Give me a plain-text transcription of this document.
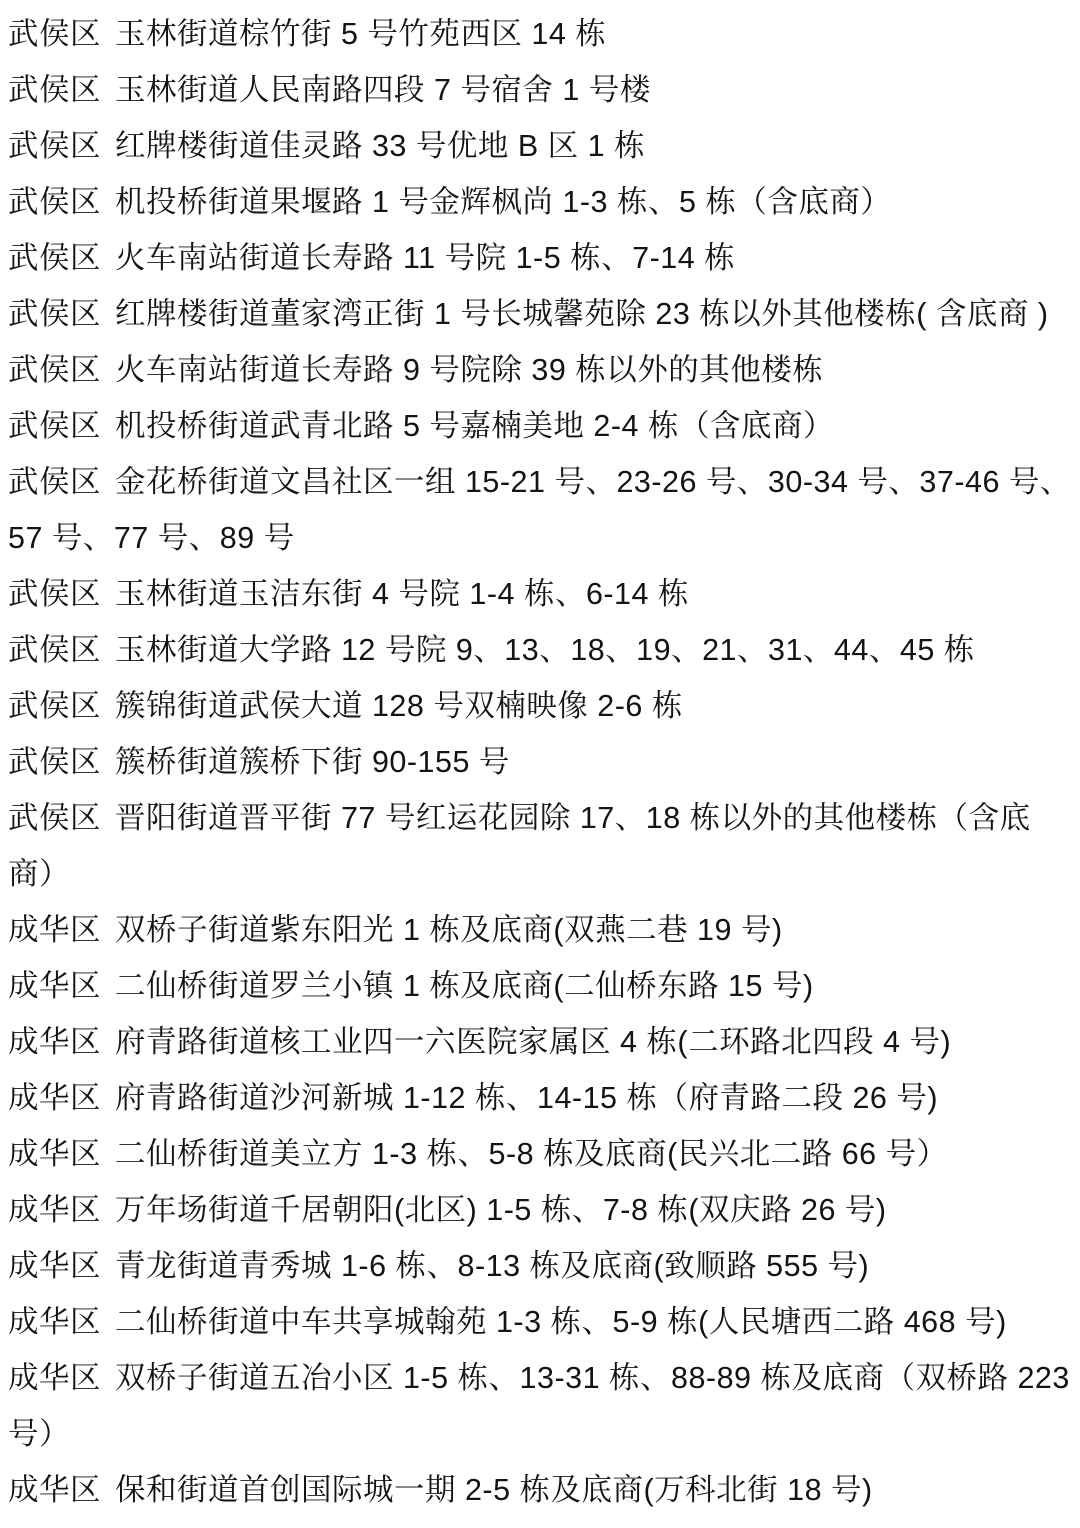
武侯区 玉林街道棕竹街 5 号竹苑西区 14 栋
武侯区 玉林街道人民南路四段 7 号宿舍 1 号楼
武侯区 红牌楼街道佳灵路 33 号优地 B 区 1 栋
武侯区 机投桥街道果堰路 1 号金辉枫尚 1-3 栋、5 栋（含底商）
武侯区 火车南站街道长寿路 11 号院 1-5 栋、7-14 栋
武侯区 红牌楼街道董家湾正街 1 号长城馨苑除 23 栋以外其他楼栋( 含底商 )
武侯区 火车南站街道长寿路 9 号院除 39 栋以外的其他楼栋
武侯区 机投桥街道武青北路 5 号嘉楠美地 2-4 栋（含底商）
武侯区 金花桥街道文昌社区一组 15-21 号、23-26 号、30-34 号、37-46 号、57 号、77 号、89 号
武侯区 玉林街道玉洁东街 4 号院 1-4 栋、6-14 栋
武侯区 玉林街道大学路 12 号院 9、13、18、19、21、31、44、45 栋
武侯区 簇锦街道武侯大道 128 号双楠映像 2-6 栋
武侯区 簇桥街道簇桥下街 90-155 号
武侯区 晋阳街道晋平街 77 号红运花园除 17、18 栋以外的其他楼栋（含底商）
成华区 双桥子街道紫东阳光 1 栋及底商(双燕二巷 19 号)
成华区 二仙桥街道罗兰小镇 1 栋及底商(二仙桥东路 15 号)
成华区 府青路街道核工业四一六医院家属区 4 栋(二环路北四段 4 号)
成华区 府青路街道沙河新城 1-12 栋、14-15 栋（府青路二段 26 号)
成华区 二仙桥街道美立方 1-3 栋、5-8 栋及底商(民兴北二路 66 号）
成华区 万年场街道千居朝阳(北区) 1-5 栋、7-8 栋(双庆路 26 号)
成华区 青龙街道青秀城 1-6 栋、8-13 栋及底商(致顺路 555 号)
成华区 二仙桥街道中车共享城翰苑 1-3 栋、5-9 栋(人民塘西二路 468 号)
成华区 双桥子街道五冶小区 1-5 栋、13-31 栋、88-89 栋及底商（双桥路 223 号）
成华区 保和街道首创国际城一期 2-5 栋及底商(万科北街 18 号)
